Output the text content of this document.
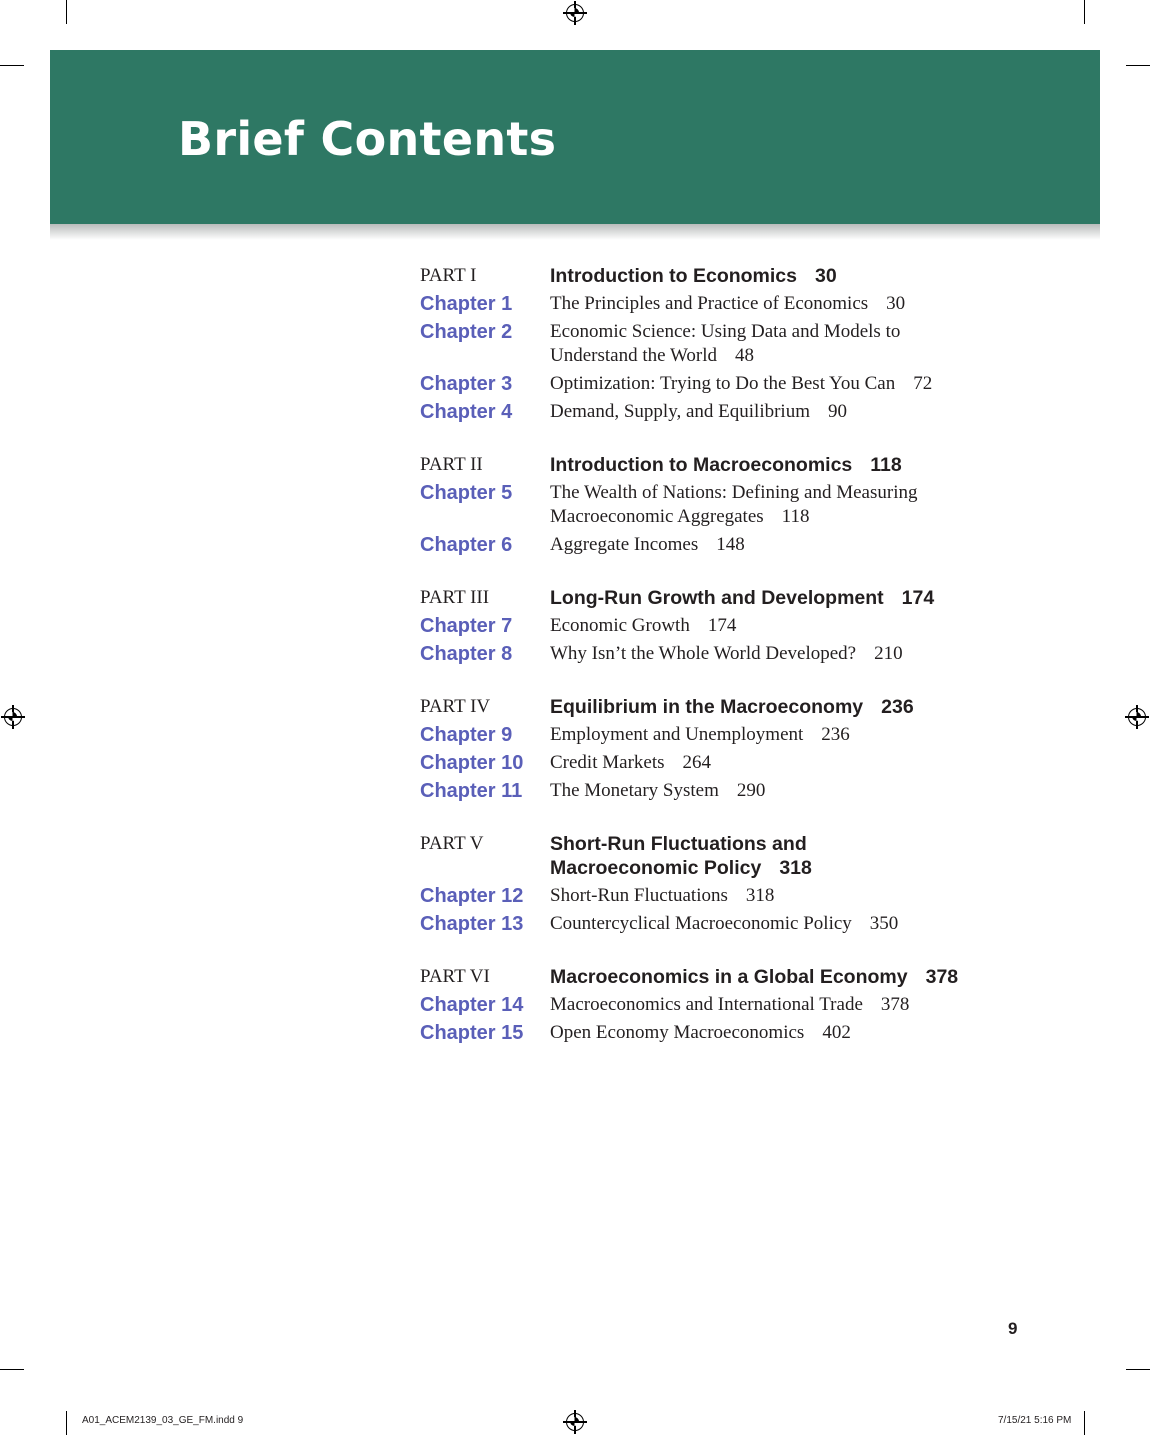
Brief Contents
PART I	Introduction to Economics 30
Chapter 1	The Principles and Practice of Economics 30
Chapter 2	Economic Science: Using Data and Models to
Understand the World 48
Chapter 3	Optimization: Trying to Do the Best You Can 72
Chapter 4	Demand, Supply, and Equilibrium 90
PART II	Introduction to Macroeconomics 118
Chapter 5	The Wealth of Nations: Defining and Measuring
Macroeconomic Aggregates 118
Chapter 6	Aggregate Incomes 148
PART III	Long-Run Growth and Development 174
Chapter 7	Economic Growth 174
Chapter 8	Why Isn’t the Whole World Developed? 210
PART IV	Equilibrium in the Macroeconomy 236
Chapter 9	Employment and Unemployment 236
Chapter 10	Credit Markets 264
Chapter 11	The Monetary System 290
PART V	Short-Run Fluctuations and
Macroeconomic Policy 318
Chapter 12	Short-Run Fluctuations 318
Chapter 13	Countercyclical Macroeconomic Policy 350
PART VI	Macroeconomics in a Global Economy 378
Chapter 14	Macroeconomics and International Trade 378
Chapter 15	Open Economy Macroeconomics 402
9
A01_ACEM2139_03_GE_FM.indd 9	7/15/21 5:16 PM
